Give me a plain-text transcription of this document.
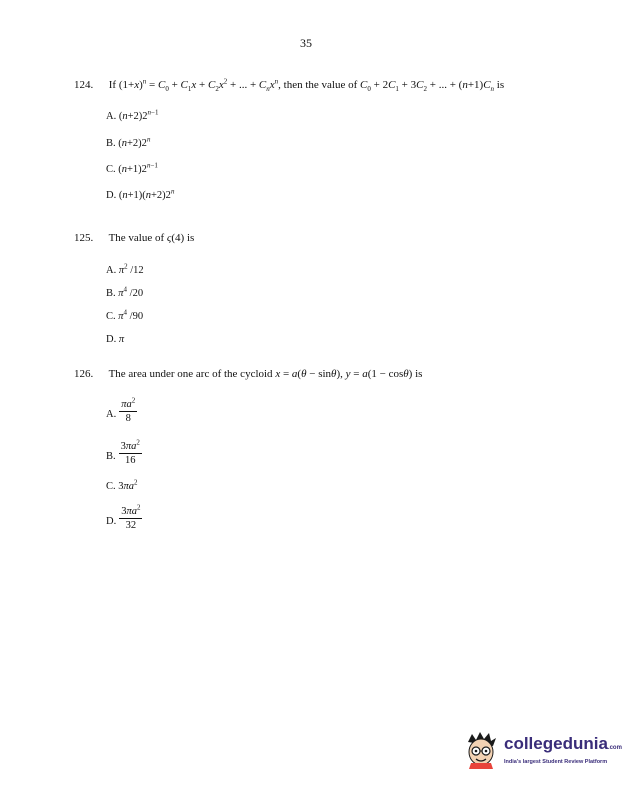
35
124. If $(1+x)^n = C_0 + C_1x + C_2x^2$ + ... + $C_nx^n$, then the value of $C_0 + 2C_1 + 3C_2$ + ... + $(n+1)C_n$ is
A. $(n+2)2^{n-1}$
B. $(n+2)2^n$
C. $(n+1)2^{n-1}$
D. $(n+1)(n+2)2^n$
125. The value of ς(4) is
A. $\pi^2$ /12
B. $\pi^4$ /20
C. $\pi^4$ /90
D. π
126. The area under one arc of the cycloid x = a(θ − sinθ), y = a(1 − cosθ) is
A. $\frac{\pi a^2}{8}$
B. $\frac{3\pi a^2}{16}$
C. $3\pi a^2$
D. $\frac{3\pi a^2}{32}$
collegedunia.com
India's largest Student Review Platform
